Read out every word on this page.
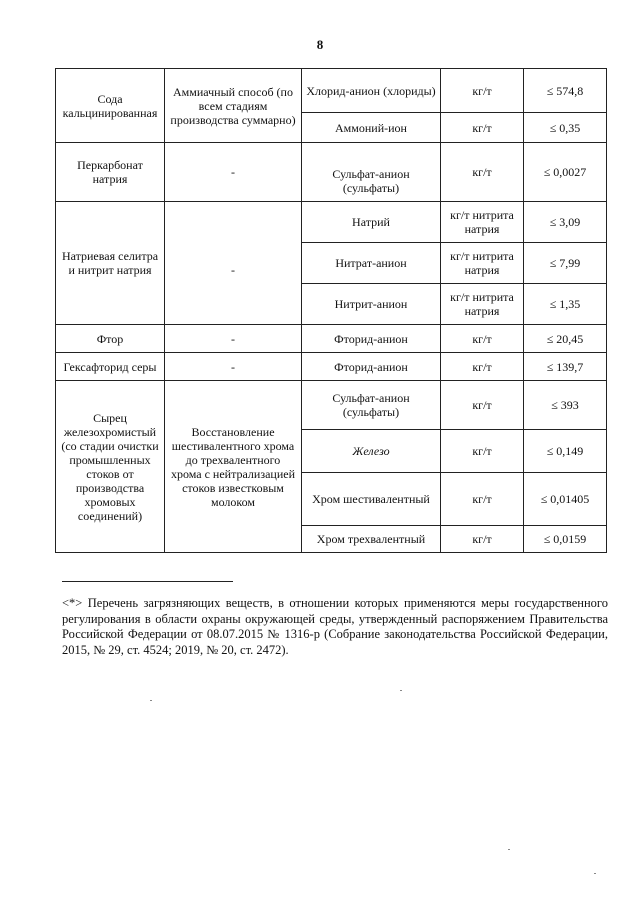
8
Сода кальцинированная	Аммиачный способ (по всем стадиям производства суммарно)	Хлорид-анион (хлориды)	кг/т	≤ 574,8
		Аммоний-ион	кг/т	≤ 0,35
Перкарбонат натрия	-	Сульфат-анион (сульфаты)	кг/т	≤ 0,0027
Натриевая селитра и нитрит натрия	-	Натрий	кг/т нитрита натрия	≤ 3,09
		Нитрат-анион	кг/т нитрита натрия	≤ 7,99
		Нитрит-анион	кг/т нитрита натрия	≤ 1,35
Фтор	-	Фторид-анион	кг/т	≤ 20,45
Гексафторид серы	-	Фторид-анион	кг/т	≤ 139,7
Сырец железохромистый (со стадии очистки промышленных стоков от производства хромовых соединений)	Восстановление шестивалентного хрома до трехвалентного хрома с нейтрализацией стоков известковым молоком	Сульфат-анион (сульфаты)	кг/т	≤ 393
		Железо	кг/т	≤ 0,149
		Хром шестивалентный	кг/т	≤ 0,01405
		Хром трехвалентный	кг/т	≤ 0,0159
<*> Перечень загрязняющих веществ, в отношении которых применяются меры государственного регулирования в области охраны окружающей среды, утвержденный распоряжением Правительства Российской Федерации от 08.07.2015 № 1316-р (Собрание законодательства Российской Федерации, 2015, № 29, ст. 4524; 2019, № 20, ст. 2472).
